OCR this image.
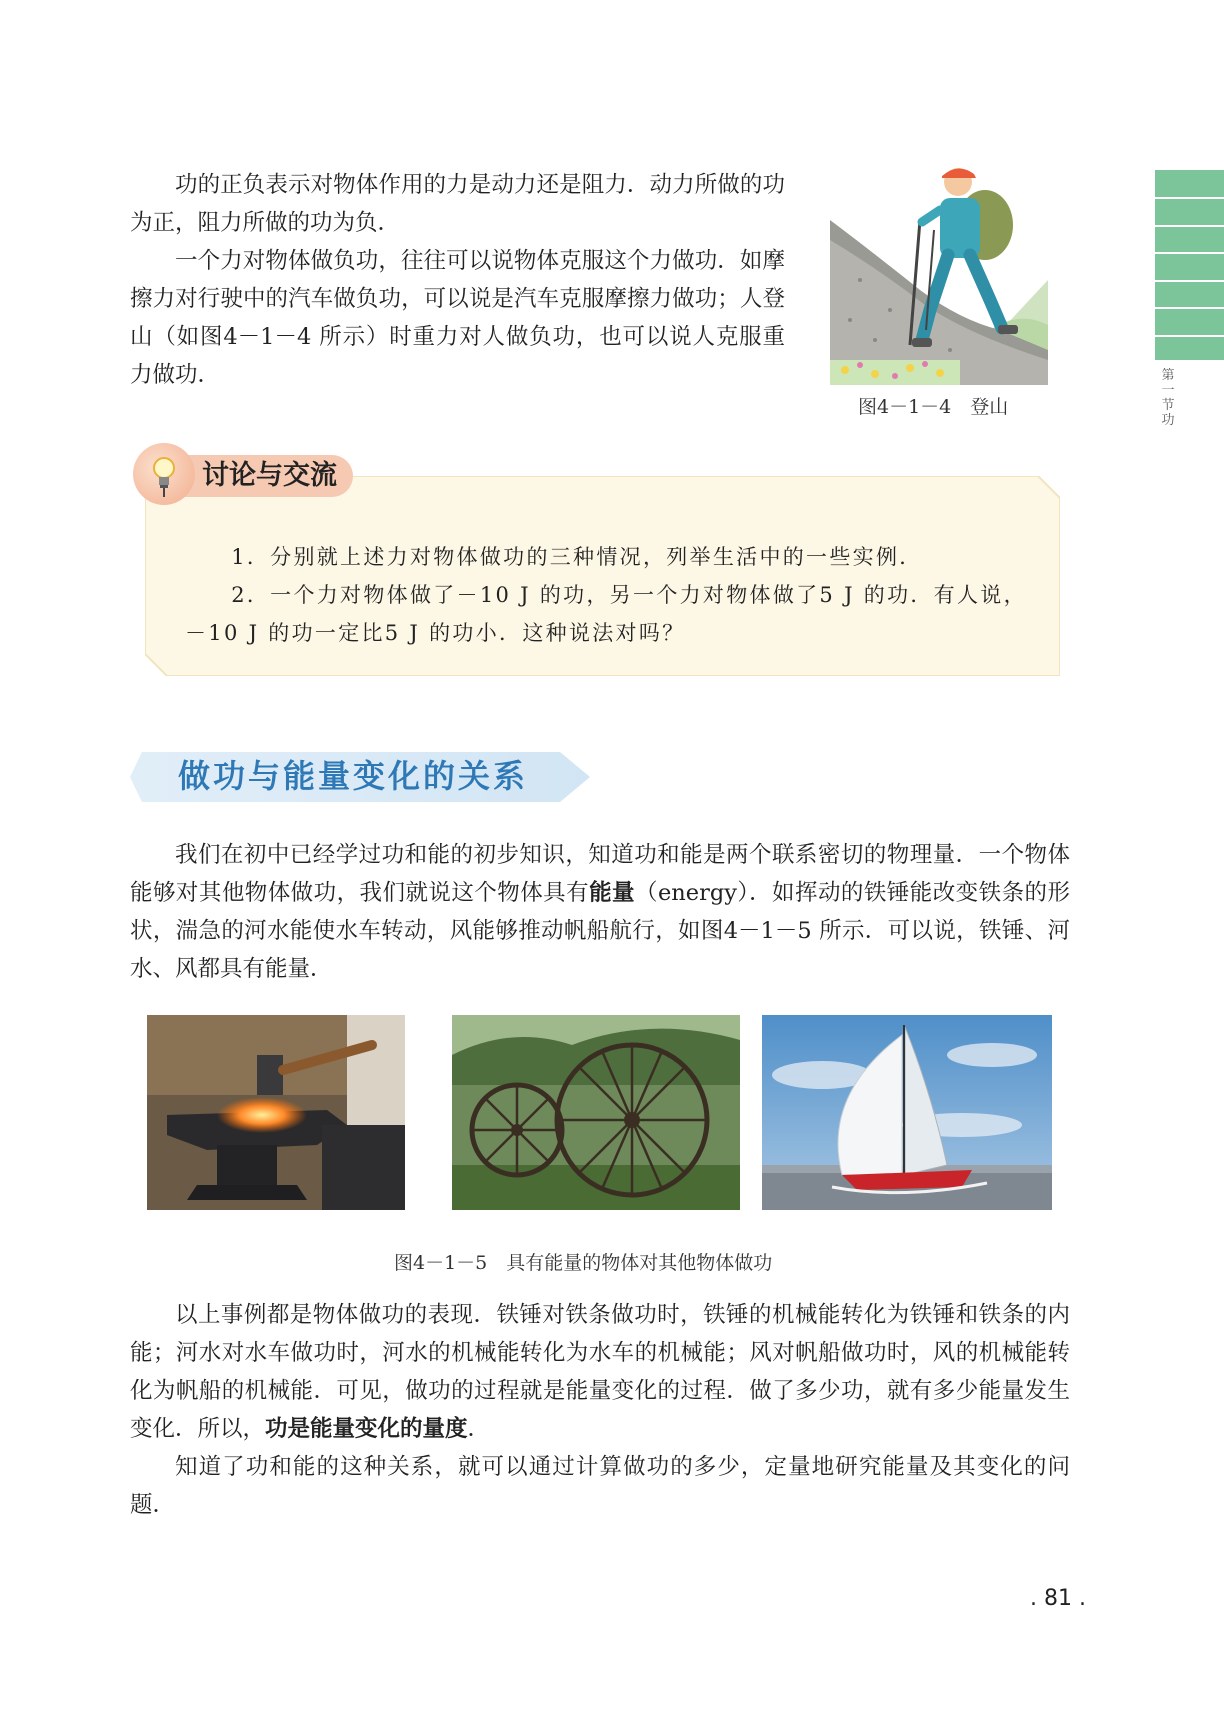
第一节　功

功的正负表示对物体作用的力是动力还是阻力．动力所做的功为正，阻力所做的功为负．

一个力对物体做负功，往往可以说物体克服这个力做功．如摩擦力对行驶中的汽车做负功，可以说是汽车克服摩擦力做功；人登山（如图4－1－4 所示）时重力对人做负功，也可以说人克服重力做功．

图4－1－4　登山
讨论与交流
1．分别就上述力对物体做功的三种情况，列举生活中的一些实例．
2．一个力对物体做了－10 J 的功，另一个力对物体做了5 J 的功．有人说，－10 J 的功一定比5 J 的功小．这种说法对吗？
做功与能量变化的关系

我们在初中已经学过功和能的初步知识，知道功和能是两个联系密切的物理量．一个物体能够对其他物体做功，我们就说这个物体具有能量（energy）．如挥动的铁锤能改变铁条的形状，湍急的河水能使水车转动，风能够推动帆船航行，如图4－1－5 所示．可以说，铁锤、河水、风都具有能量．

图4－1－5　具有能量的物体对其他物体做功

以上事例都是物体做功的表现．铁锤对铁条做功时，铁锤的机械能转化为铁锤和铁条的内能；河水对水车做功时，河水的机械能转化为水车的机械能；风对帆船做功时，风的机械能转化为帆船的机械能．可见，做功的过程就是能量变化的过程．做了多少功，就有多少能量发生变化．所以，功是能量变化的量度．

知道了功和能的这种关系，就可以通过计算做功的多少，定量地研究能量及其变化的问题．

. 81 .
